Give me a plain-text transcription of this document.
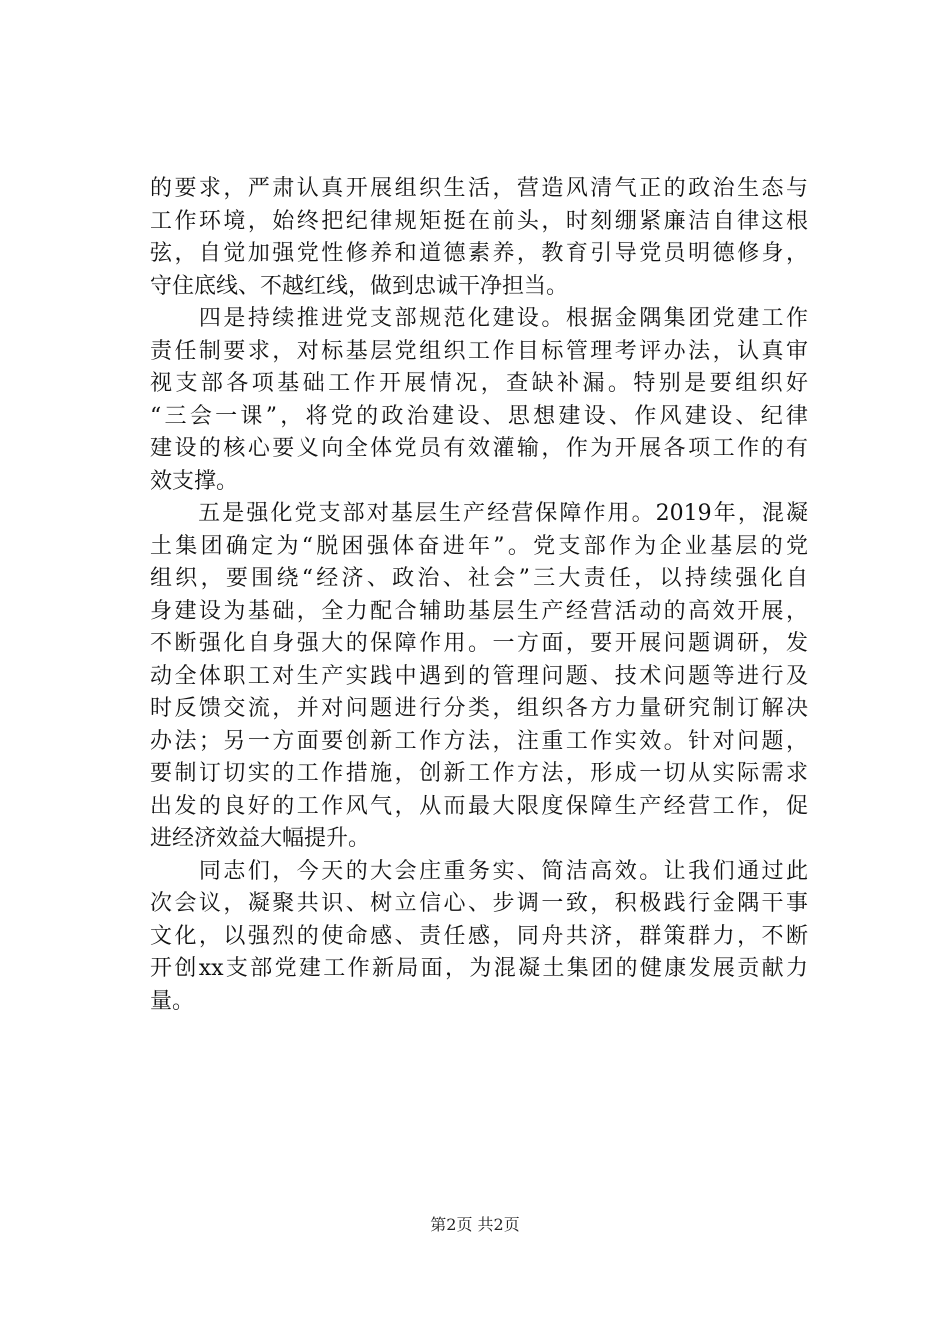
的要求，严肃认真开展组织生活，营造风清气正的政治生态与
工作环境，始终把纪律规矩挺在前头，时刻绷紧廉洁自律这根
弦，自觉加强党性修养和道德素养，教育引导党员明德修身，
守住底线、不越红线，做到忠诚干净担当。
　　四是持续推进党支部规范化建设。根据金隅集团党建工作
责任制要求，对标基层党组织工作目标管理考评办法，认真审
视支部各项基础工作开展情况，查缺补漏。特别是要组织好
“三会一课”，将党的政治建设、思想建设、作风建设、纪律
建设的核心要义向全体党员有效灌输，作为开展各项工作的有
效支撑。
　　五是强化党支部对基层生产经营保障作用。2019年，混凝
土集团确定为“脱困强体奋进年”。党支部作为企业基层的党
组织，要围绕“经济、政治、社会”三大责任，以持续强化自
身建设为基础，全力配合辅助基层生产经营活动的高效开展，
不断强化自身强大的保障作用。一方面，要开展问题调研，发
动全体职工对生产实践中遇到的管理问题、技术问题等进行及
时反馈交流，并对问题进行分类，组织各方力量研究制订解决
办法；另一方面要创新工作方法，注重工作实效。针对问题，
要制订切实的工作措施，创新工作方法，形成一切从实际需求
出发的良好的工作风气，从而最大限度保障生产经营工作，促
进经济效益大幅提升。
　　同志们，今天的大会庄重务实、简洁高效。让我们通过此
次会议，凝聚共识、树立信心、步调一致，积极践行金隅干事
文化，以强烈的使命感、责任感，同舟共济，群策群力，不断
开创xx支部党建工作新局面，为混凝土集团的健康发展贡献力
量。
第2页 共2页
